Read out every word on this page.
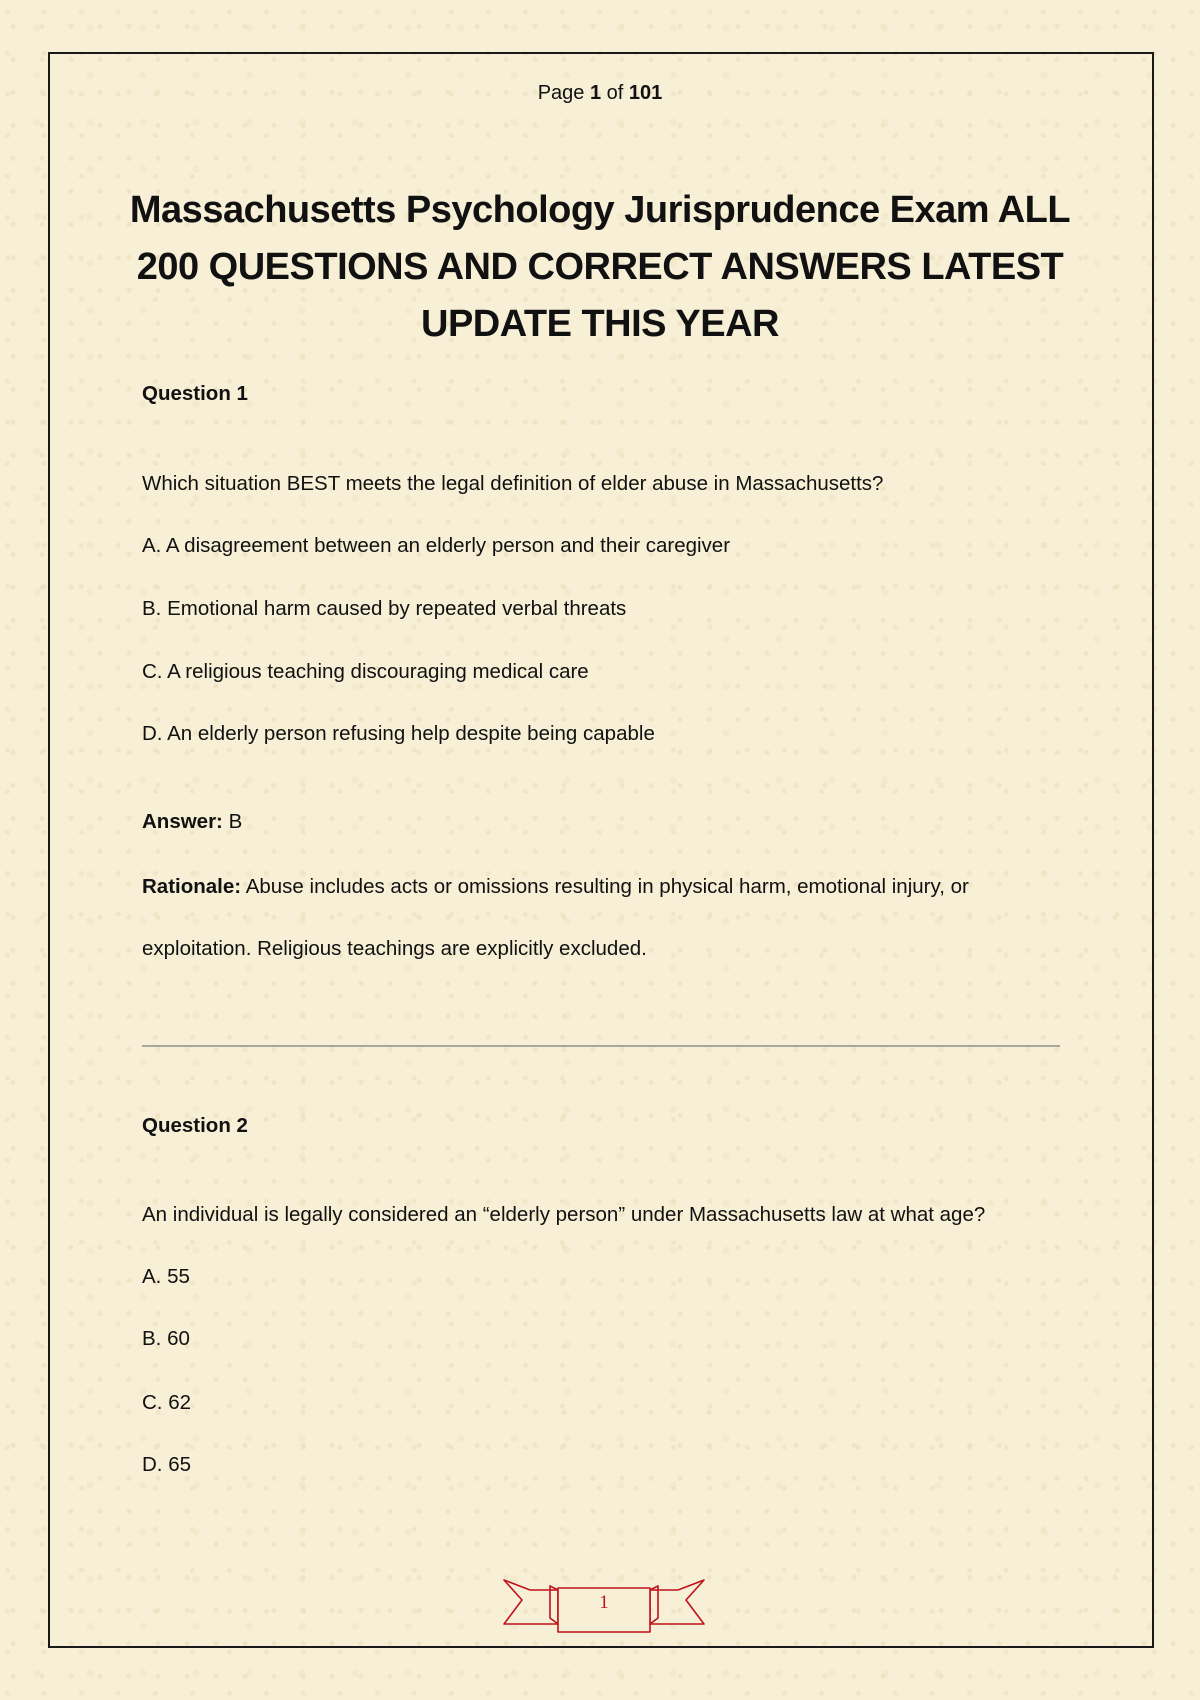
Page 1 of 101
Massachusetts Psychology Jurisprudence Exam ALL
200 QUESTIONS AND CORRECT ANSWERS LATEST
UPDATE THIS YEAR
Question 1
Which situation BEST meets the legal definition of elder abuse in Massachusetts?
A. A disagreement between an elderly person and their caregiver
B. Emotional harm caused by repeated verbal threats
C. A religious teaching discouraging medical care
D. An elderly person refusing help despite being capable
Answer: B
Rationale: Abuse includes acts or omissions resulting in physical harm, emotional injury, or
exploitation. Religious teachings are explicitly excluded.
Question 2
An individual is legally considered an “elderly person” under Massachusetts law at what age?
A. 55
B. 60
C. 62
D. 65
1
